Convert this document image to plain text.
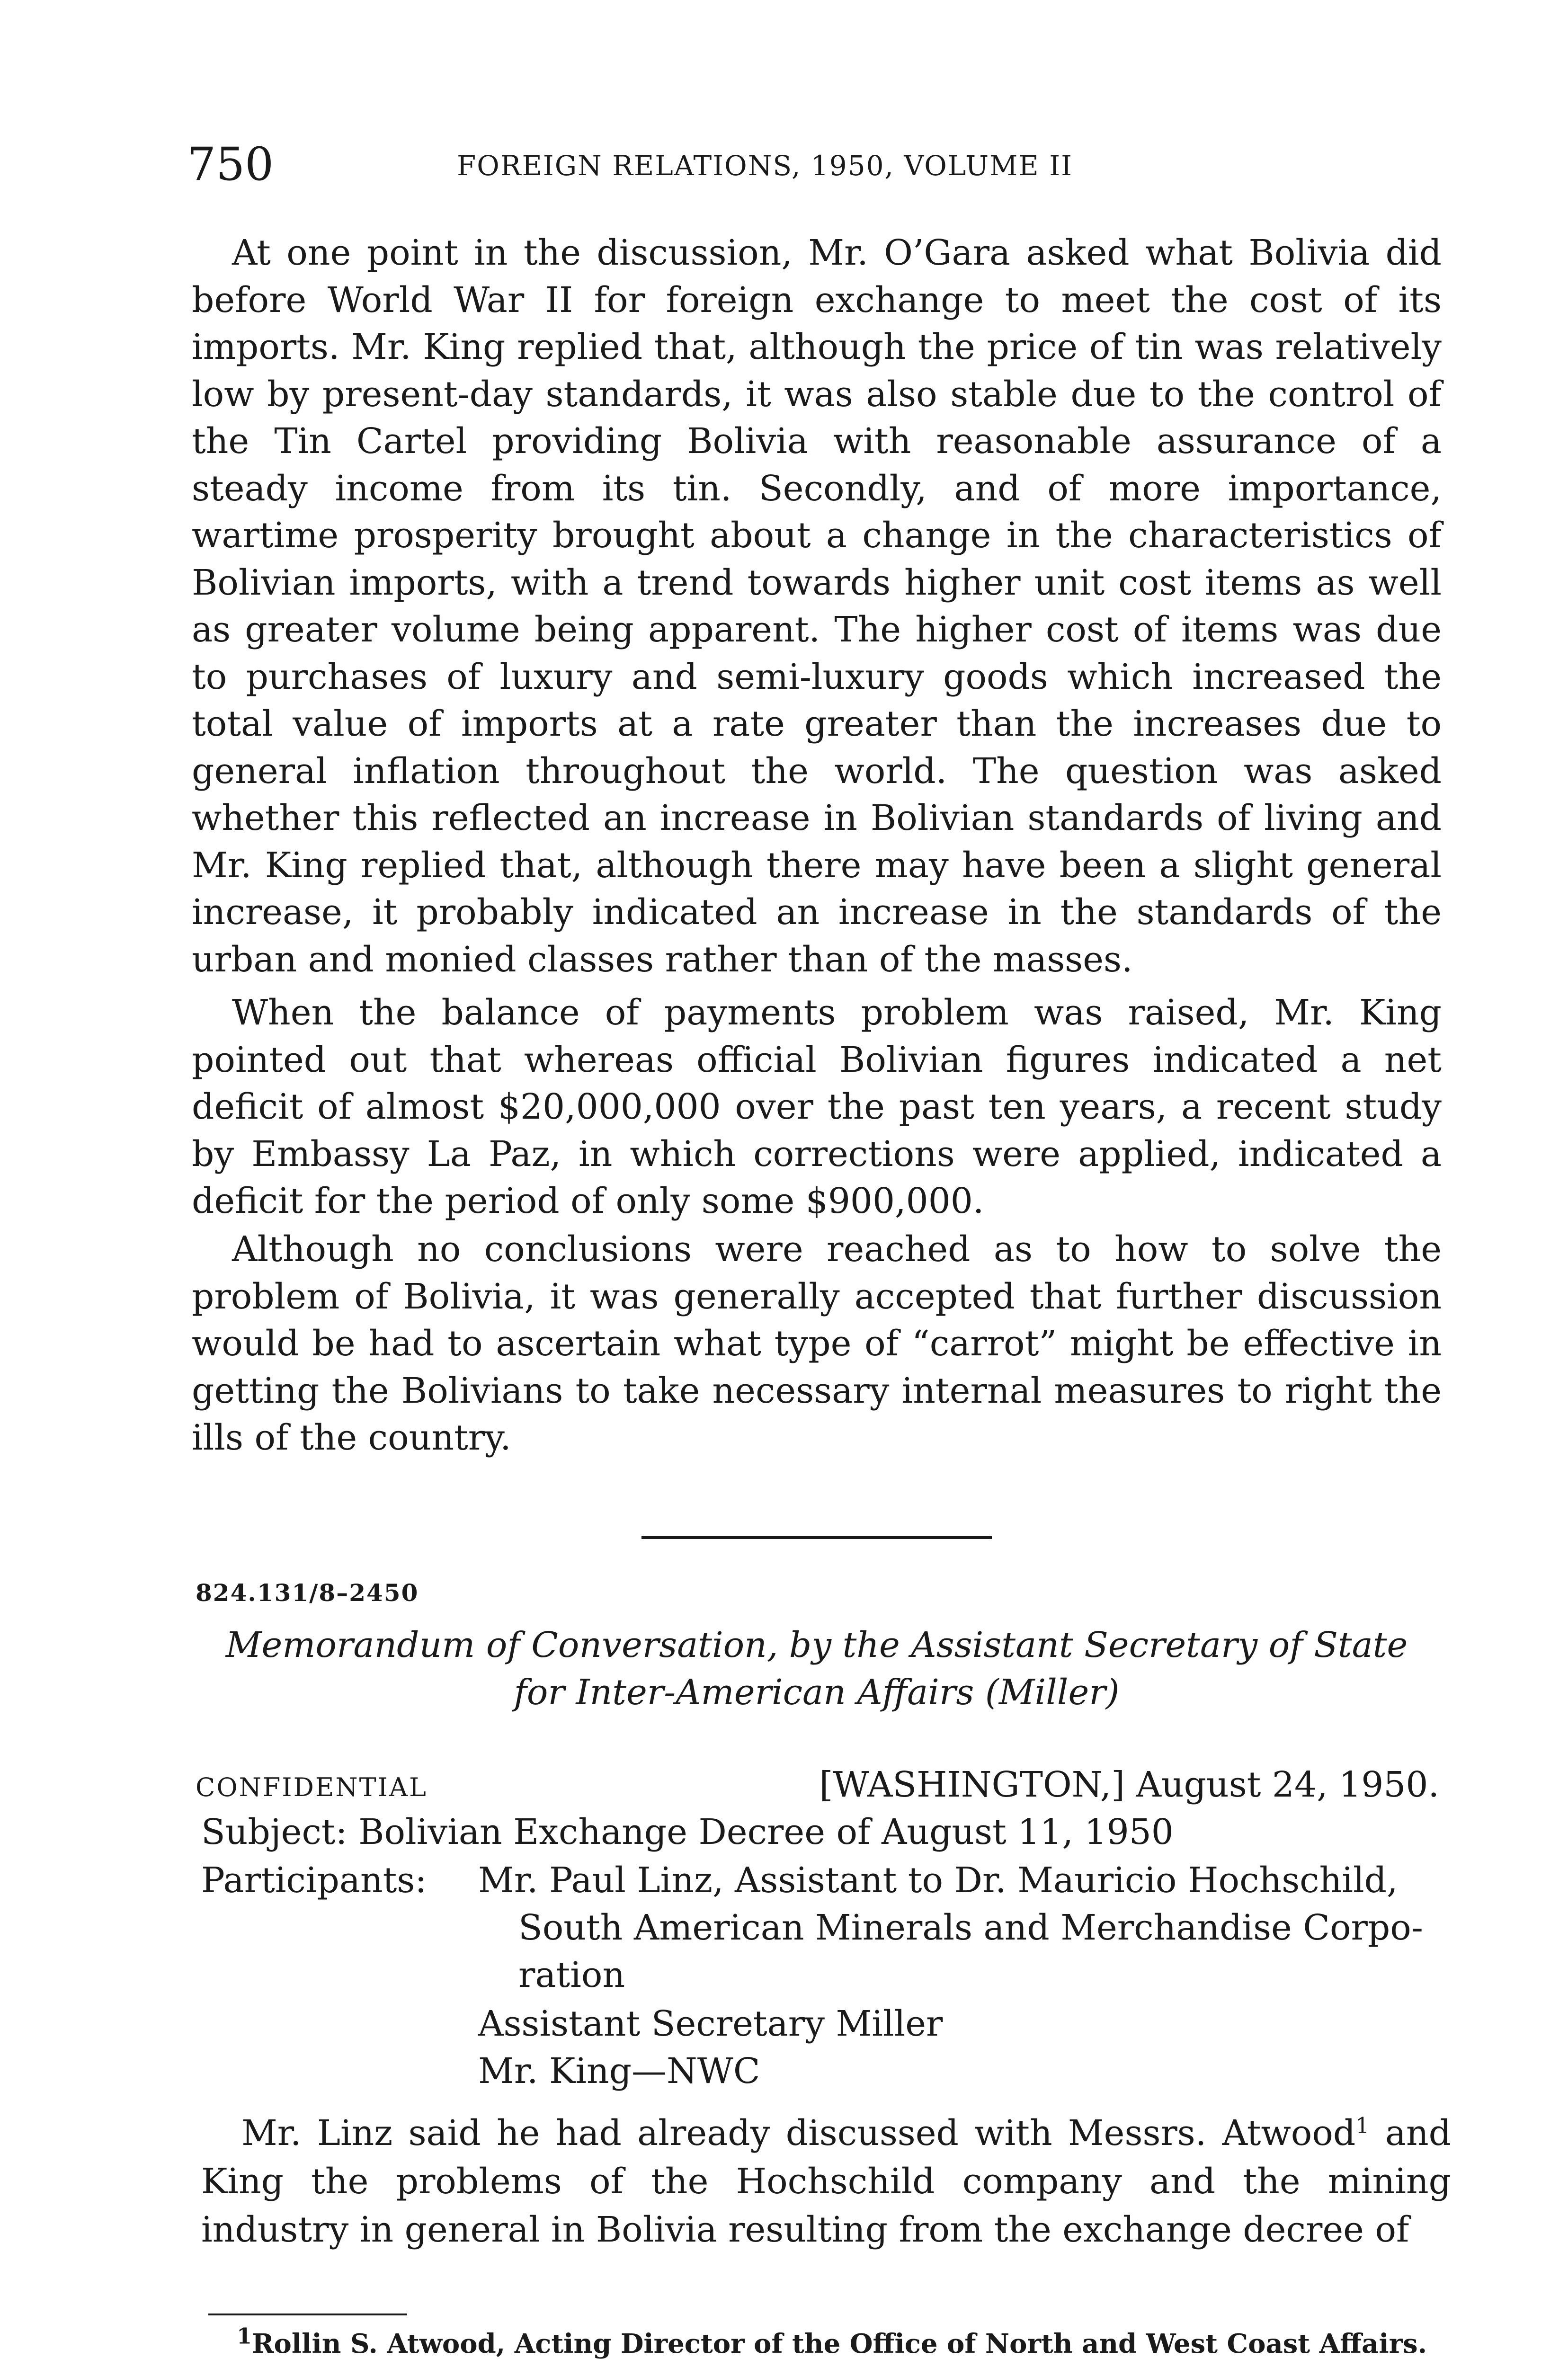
750	FOREIGN RELATIONS, 1950, VOLUME II

At one point in the discussion, Mr. O’Gara asked what Bolivia did before World War II for foreign exchange to meet the cost of its imports. Mr. King replied that, although the price of tin was relatively low by present-day standards, it was also stable due to the control of the Tin Cartel providing Bolivia with reasonable assurance of a steady income from its tin. Secondly, and of more importance, wartime prosperity brought about a change in the characteristics of Bolivian imports, with a trend towards higher unit cost items as well as greater volume being apparent. The higher cost of items was due to purchases of luxury and semi-luxury goods which increased the total value of imports at a rate greater than the increases due to general inflation throughout the world. The question was asked whether this reflected an increase in Bolivian standards of living and Mr. King replied that, although there may have been a slight general increase, it probably indicated an increase in the standards of the urban and monied classes rather than of the masses.

When the balance of payments problem was raised, Mr. King pointed out that whereas official Bolivian figures indicated a net deficit of almost $20,000,000 over the past ten years, a recent study by Embassy La Paz, in which corrections were applied, indicated a deficit for the period of only some $900,000.

Although no conclusions were reached as to how to solve the problem of Bolivia, it was generally accepted that further discussion would be had to ascertain what type of “carrot” might be effective in getting the Bolivians to take necessary internal measures to right the ills of the country.

824.131/8–2450
Memorandum of Conversation, by the Assistant Secretary of State
for Inter-American Affairs (Miller)
CONFIDENTIAL	[WASHINGTON,] August 24, 1950.
Subject: Bolivian Exchange Decree of August 11, 1950
Participants: Mr. Paul Linz, Assistant to Dr. Mauricio Hochschild,
South American Minerals and Merchandise Corpo-
ration
Assistant Secretary Miller
Mr. King—NWC

Mr. Linz said he had already discussed with Messrs. Atwood$^1$ and King the problems of the Hochschild company and the mining industry in general in Bolivia resulting from the exchange decree of

$^1$Rollin S. Atwood, Acting Director of the Office of North and West Coast Affairs.
